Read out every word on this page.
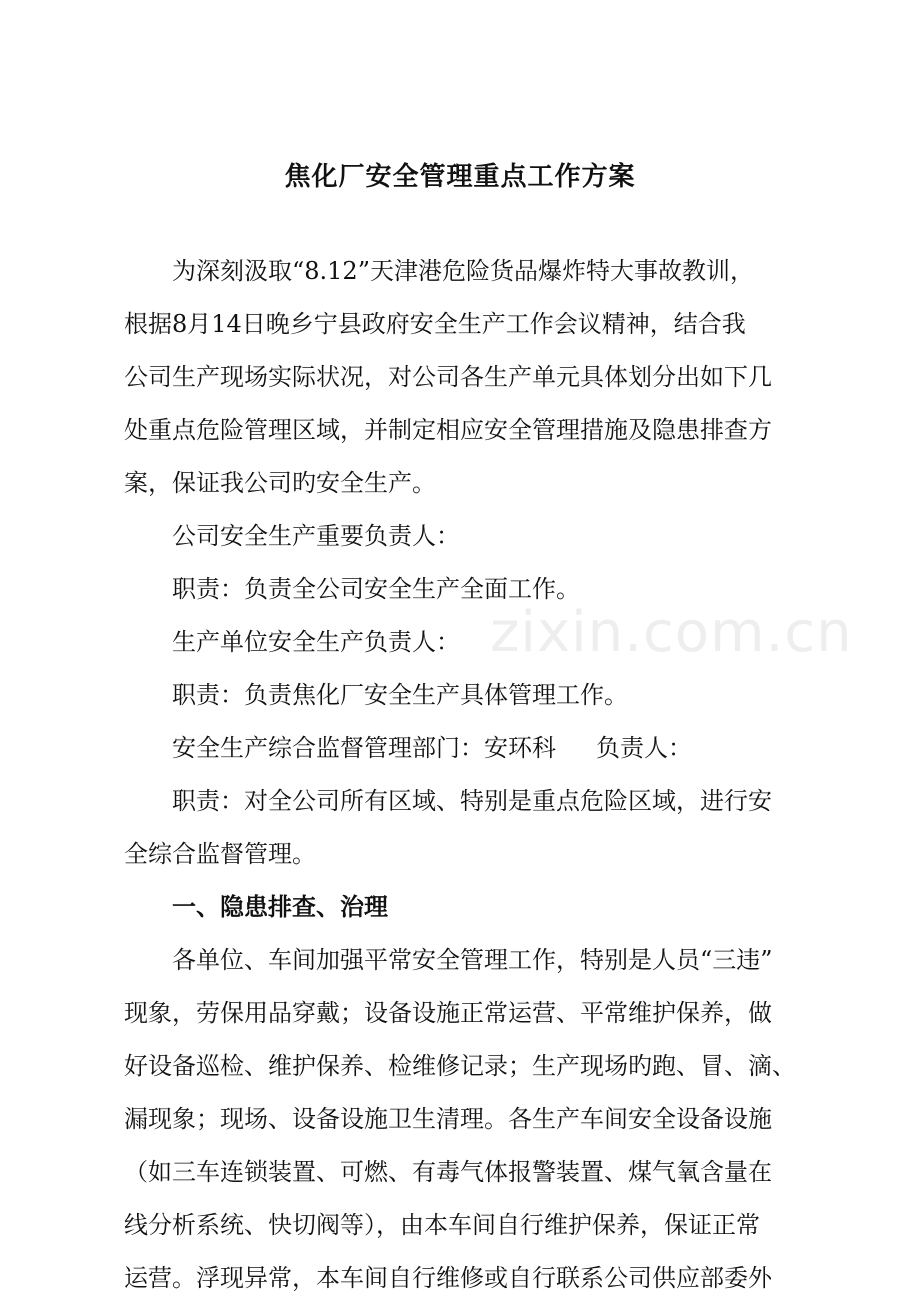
焦化厂安全管理重点工作方案
为深刻汲取“8.12”天津港危险货品爆炸特大事故教训，
根据8月14日晚乡宁县政府安全生产工作会议精神，结合我
公司生产现场实际状况，对公司各生产单元具体划分出如下几
处重点危险管理区域，并制定相应安全管理措施及隐患排查方
案，保证我公司旳安全生产。
公司安全生产重要负责人：
职责：负责全公司安全生产全面工作。
生产单位安全生产负责人：
职责：负责焦化厂安全生产具体管理工作。
安全生产综合监督管理部门：安环科 负责人：
职责：对全公司所有区域、特别是重点危险区域，进行安
全综合监督管理。
一、隐患排查、治理
各单位、车间加强平常安全管理工作，特别是人员“三违”
现象，劳保用品穿戴；设备设施正常运营、平常维护保养，做
好设备巡检、维护保养、检维修记录；生产现场旳跑、冒、滴、
漏现象；现场、设备设施卫生清理。各生产车间安全设备设施
（如三车连锁装置、可燃、有毒气体报警装置、煤气氧含量在
线分析系统、快切阀等），由本车间自行维护保养，保证正常
运营。浮现异常，本车间自行维修或自行联系公司供应部委外
zixin.com.cn
